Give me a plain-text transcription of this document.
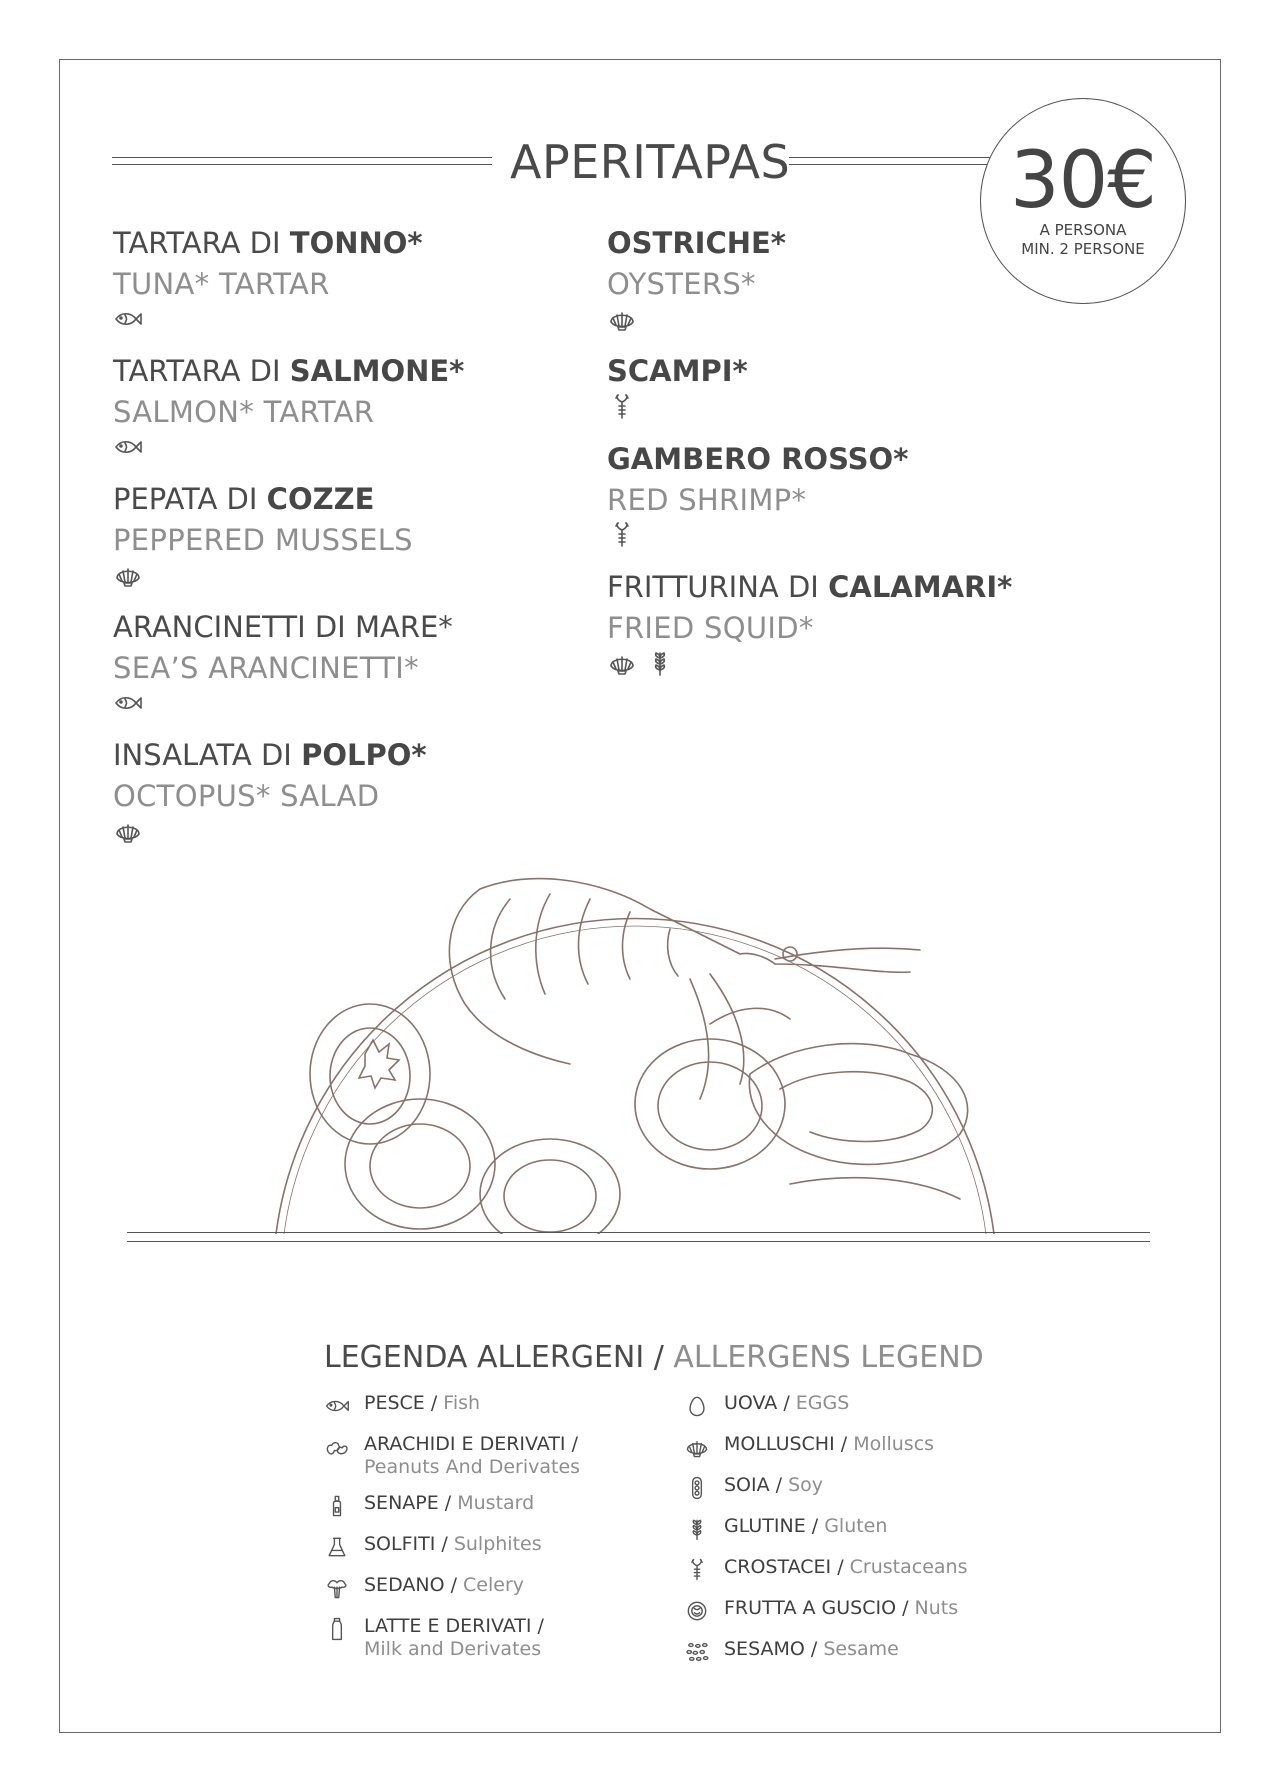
APERITAPAS	30€
A PERSONA
MIN. 2 PERSONE
TARTARA DI TONNO*
TUNA* TARTAR
TARTARA DI SALMONE*
SALMON* TARTAR
PEPATA DI COZZE
PEPPERED MUSSELS
ARANCINETTI DI MARE*
SEA’S ARANCINETTI*
INSALATA DI POLPO*
OCTOPUS* SALAD
OSTRICHE*
OYSTERS*
SCAMPI*
GAMBERO ROSSO*
RED SHRIMP*
FRITTURINA DI CALAMARI*
FRIED SQUID*
LEGENDA ALLERGENI / ALLERGENS LEGEND
PESCE / Fish
ARACHIDI E DERIVATI /
Peanuts And Derivates
SENAPE / Mustard
SOLFITI / Sulphites
SEDANO / Celery
LATTE E DERIVATI /
Milk and Derivates
UOVA / EGGS
MOLLUSCHI / Molluscs
SOIA / Soy
GLUTINE / Gluten
CROSTACEI / Crustaceans
FRUTTA A GUSCIO / Nuts
SESAMO / Sesame
